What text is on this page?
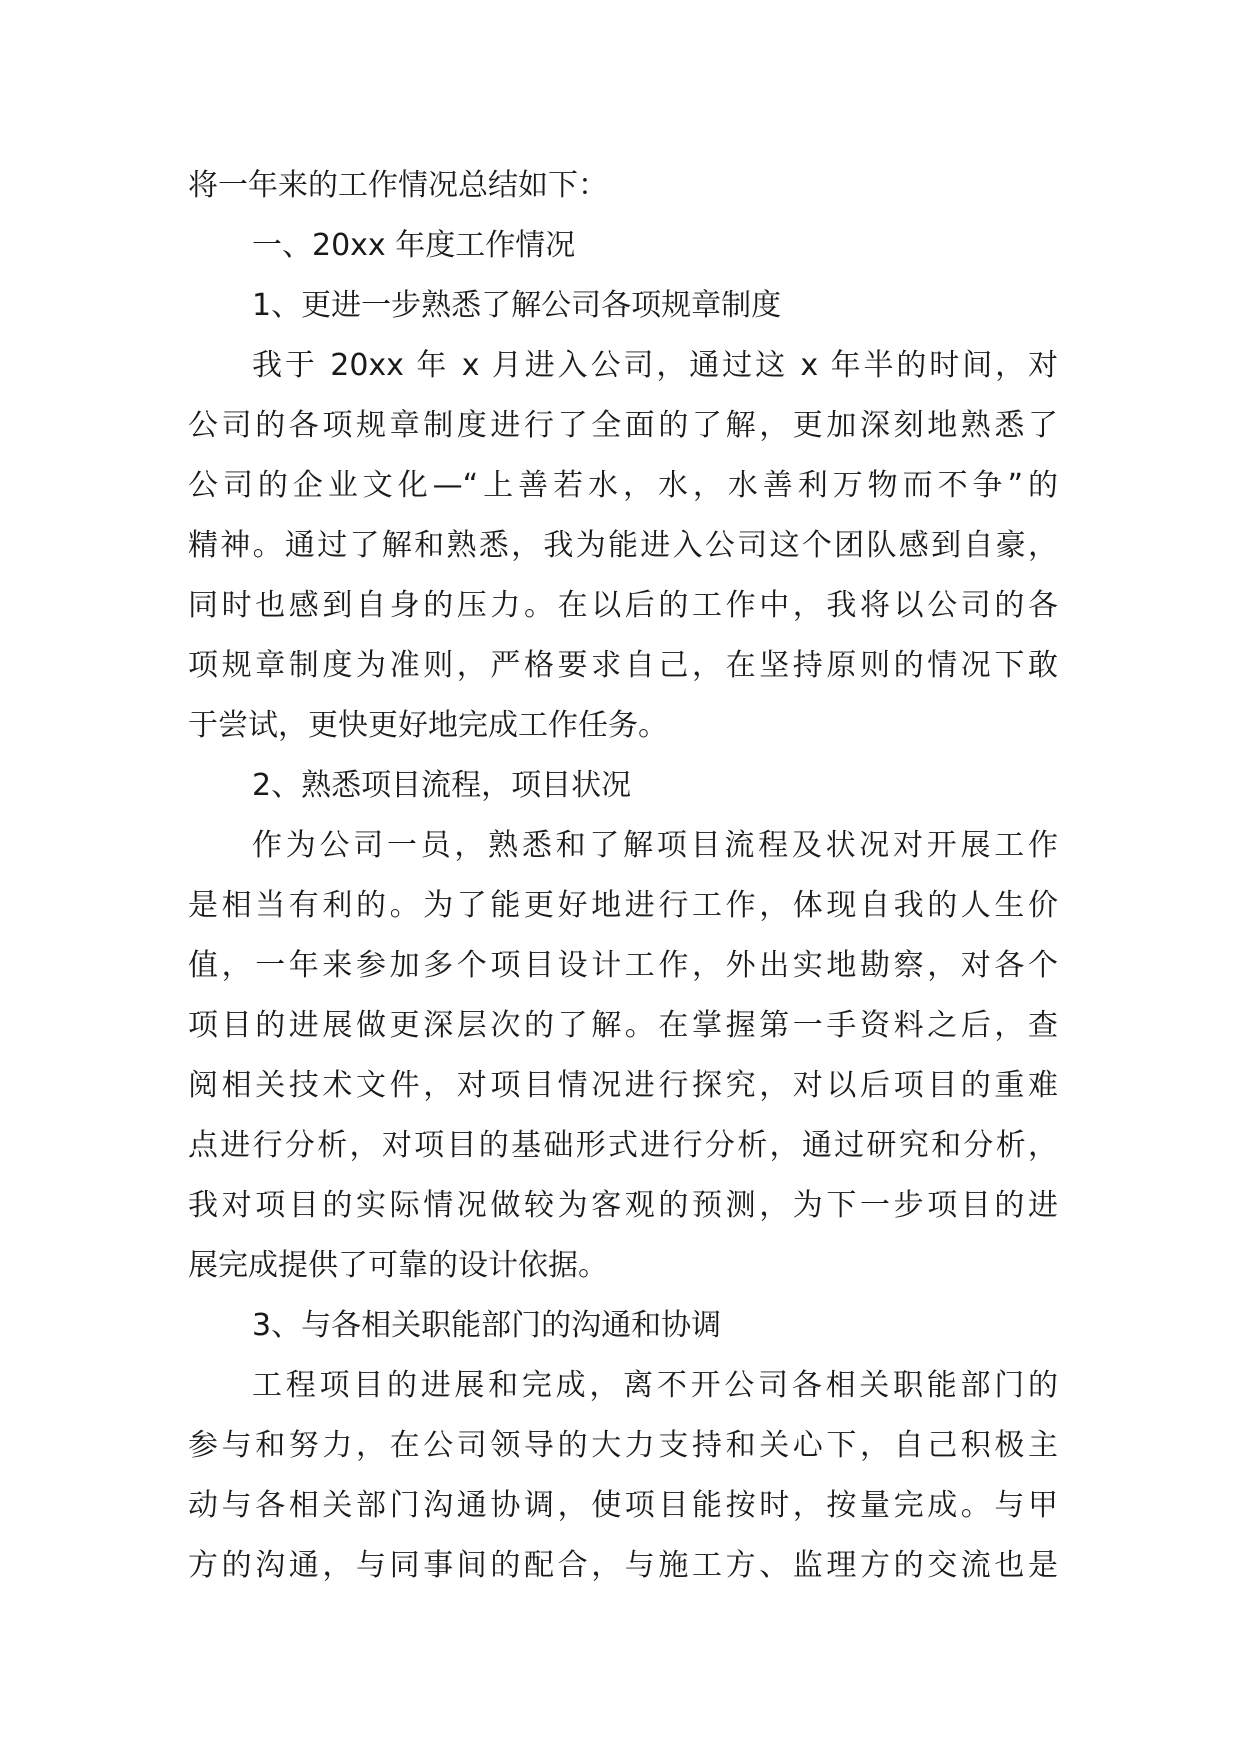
将一年来的工作情况总结如下：
一、20xx 年度工作情况
1、更进一步熟悉了解公司各项规章制度
我于 20xx 年 x 月进入公司，通过这 x 年半的时间，对
公司的各项规章制度进行了全面的了解，更加深刻地熟悉了
公司的企业文化—“上善若水，水，水善利万物而不争”的
精神。通过了解和熟悉，我为能进入公司这个团队感到自豪，
同时也感到自身的压力。在以后的工作中，我将以公司的各
项规章制度为准则，严格要求自己，在坚持原则的情况下敢
于尝试，更快更好地完成工作任务。
2、熟悉项目流程，项目状况
作为公司一员，熟悉和了解项目流程及状况对开展工作
是相当有利的。为了能更好地进行工作，体现自我的人生价
值，一年来参加多个项目设计工作，外出实地勘察，对各个
项目的进展做更深层次的了解。在掌握第一手资料之后，查
阅相关技术文件，对项目情况进行探究，对以后项目的重难
点进行分析，对项目的基础形式进行分析，通过研究和分析，
我对项目的实际情况做较为客观的预测，为下一步项目的进
展完成提供了可靠的设计依据。
3、与各相关职能部门的沟通和协调
工程项目的进展和完成，离不开公司各相关职能部门的
参与和努力，在公司领导的大力支持和关心下，自己积极主
动与各相关部门沟通协调，使项目能按时，按量完成。与甲
方的沟通，与同事间的配合，与施工方、监理方的交流也是
